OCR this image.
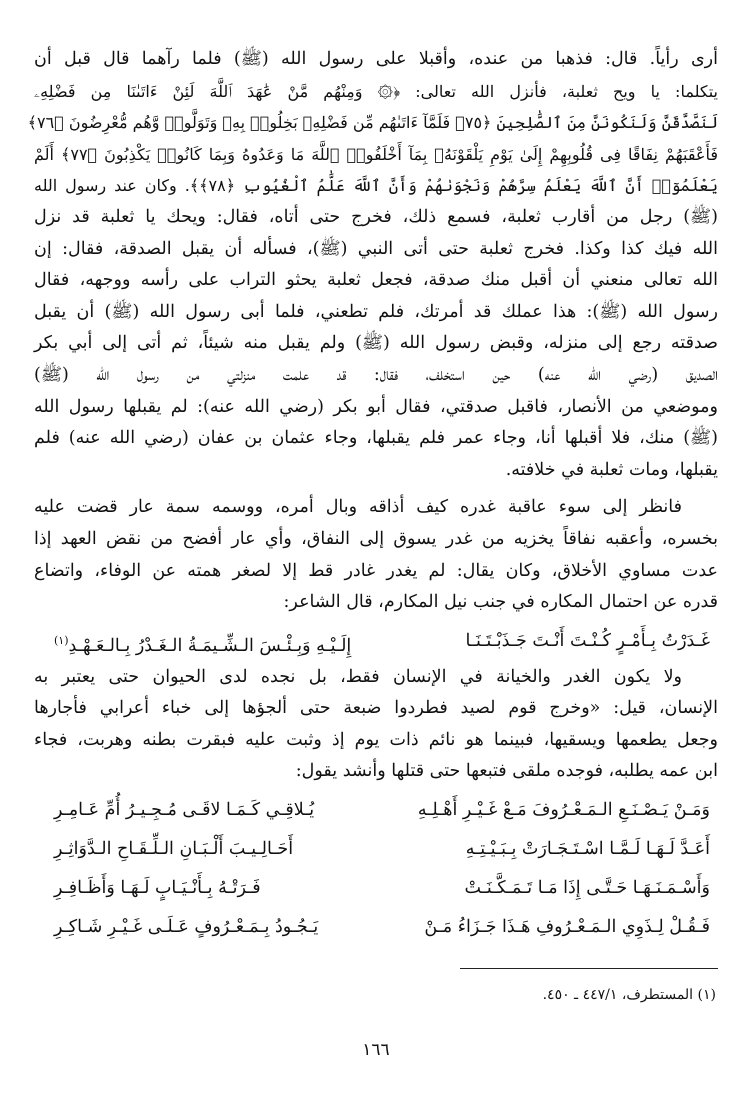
أرى رأياً. قال: فذهبا من عنده، وأقبلا على رسول الله (ﷺ) فلما رآهما قال قبل أن
يتكلما: يا ويح ثعلبة، فأنزل الله تعالى: ﴿۞ وَمِنْهُم مَّنْ عَٰهَدَ ٱللَّهَ لَئِنْ ءَاتَىٰنَا مِن فَضْلِهِۦ
لَنَصَّدَّقَنَّ وَلَنَكُونَنَّ مِنَ ٱلصَّٰلِحِينَ ﴿٧٥﴾ فَلَمَّآ ءَاتَىٰهُم مِّن فَضْلِهِۦ بَخِلُوا۟ بِهِۦ وَتَوَلَّوا۟ وَّهُم مُّعْرِضُونَ ﴿٧٦﴾
فَأَعْقَبَهُمْ نِفَاقًا فِى قُلُوبِهِمْ إِلَىٰ يَوْمِ يَلْقَوْنَهُۥ بِمَآ أَخْلَفُوا۟ ٱللَّهَ مَا وَعَدُوهُ وَبِمَا كَانُوا۟ يَكْذِبُونَ ﴿٧٧﴾ أَلَمْ
يَعْلَمُوٓا۟ أَنَّ ٱللَّهَ يَعْلَمُ سِرَّهُمْ وَنَجْوَىٰهُمْ وَأَنَّ ٱللَّهَ عَلَّٰمُ ٱلْغُيُوبِ ﴿٧٨﴾﴾. وكان عند رسول الله
(ﷺ) رجل من أقارب ثعلبة، فسمع ذلك، فخرج حتى أتاه، فقال: ويحك يا ثعلبة قد نزل
الله فيك كذا وكذا. فخرج ثعلبة حتى أتى النبي (ﷺ)، فسأله أن يقبل الصدقة، فقال: إن
الله تعالى منعني أن أقبل منك صدقة، فجعل ثعلبة يحثو التراب على رأسه ووجهه، فقال
رسول الله (ﷺ): هذا عملك قد أمرتك، فلم تطعني، فلما أبى رسول الله (ﷺ) أن يقبل
صدقته رجع إلى منزله، وقبض رسول الله (ﷺ) ولم يقبل منه شيئاً، ثم أتى إلى أبي بكر
الصديق (رضي الله عنه) حين استخلف، فقال: قد علمت منزلتي من رسول الله (ﷺ)
وموضعي من الأنصار، فاقبل صدقتي، فقال أبو بكر (رضي الله عنه): لم يقبلها رسول الله
(ﷺ) منك، فلا أقبلها أنا، وجاء عمر فلم يقبلها، وجاء عثمان بن عفان (رضي الله عنه) فلم
يقبلها، ومات ثعلبة في خلافته.
فانظر إلى سوء عاقبة غدره كيف أذاقه وبال أمره، ووسمه سمة عار قضت عليه
بخسره، وأعقبه نفاقاً يخزيه من غدر يسوق إلى النفاق، وأي عار أفضح من نقض العهد إذا
عدت مساوي الأخلاق، وكان يقال: لم يغدر غادر قط إلا لصغر همته عن الوفاء، واتضاع
قدره عن احتمال المكاره في جنب نيل المكارم، قال الشاعر:
غَـدَرْتُ بِـأَمْـرٍ كُـنْـتَ أَنْـتَ جَـذَبْـتَـنَـا
إِلَـيْـهِ وَبِـئْـسَ الـشِّـيمَـةُ الـغَـدْرُ بِـالـعَـهْـدِ$^{(١)}$
ولا يكون الغدر والخيانة في الإنسان فقط، بل نجده لدى الحيوان حتى يعتبر به
الإنسان، قيل: «وخرج قوم لصيد فطردوا ضبعة حتى ألجؤها إلى خباء أعرابي فأجارها
وجعل يطعمها ويسقيها، فبينما هو نائم ذات يوم إذ وثبت عليه فبقرت بطنه وهربت، فجاء
ابن عمه يطلبه، فوجده ملقى فتبعها حتى قتلها وأنشد يقول:
وَمَـنْ يَـصْـنَـعِ الـمَـعْـرُوفَ مَـعْ غَـيْـرِ أَهْـلِـهِ
يُـلاقِـي كَـمَـا لاقَـى مُـجِـيـرُ أُمِّ عَـامِـرِ
أَعَـدَّ لَـهَـا لَـمَّـا اسْـتَـجَـارَتْ بِـبَـيْـتِـهِ
أَحَـالِـيـبَ أَلْـبَـانِ الـلِّـقَـاحِ الـدَّوَاثِـرِ
وَأَسْـمَـنَـهَـا حَـتَّـى إِذَا مَـا تَـمَـكَّـنَـتْ
فَـرَتْـهُ بِـأَنْـيَـابٍ لَـهَـا وَأَظَـافِـرِ
فَـقُـلْ لِـذَوِي الـمَـعْـرُوفِ هَـذَا جَـزَاءُ مَـنْ
يَـجُـودُ بِـمَـعْـرُوفٍ عَـلَـى غَـيْـرِ شَـاكِـرِ
(١) المستطرف، ٤٤٧/١ ـ ٤٥٠.
١٦٦
